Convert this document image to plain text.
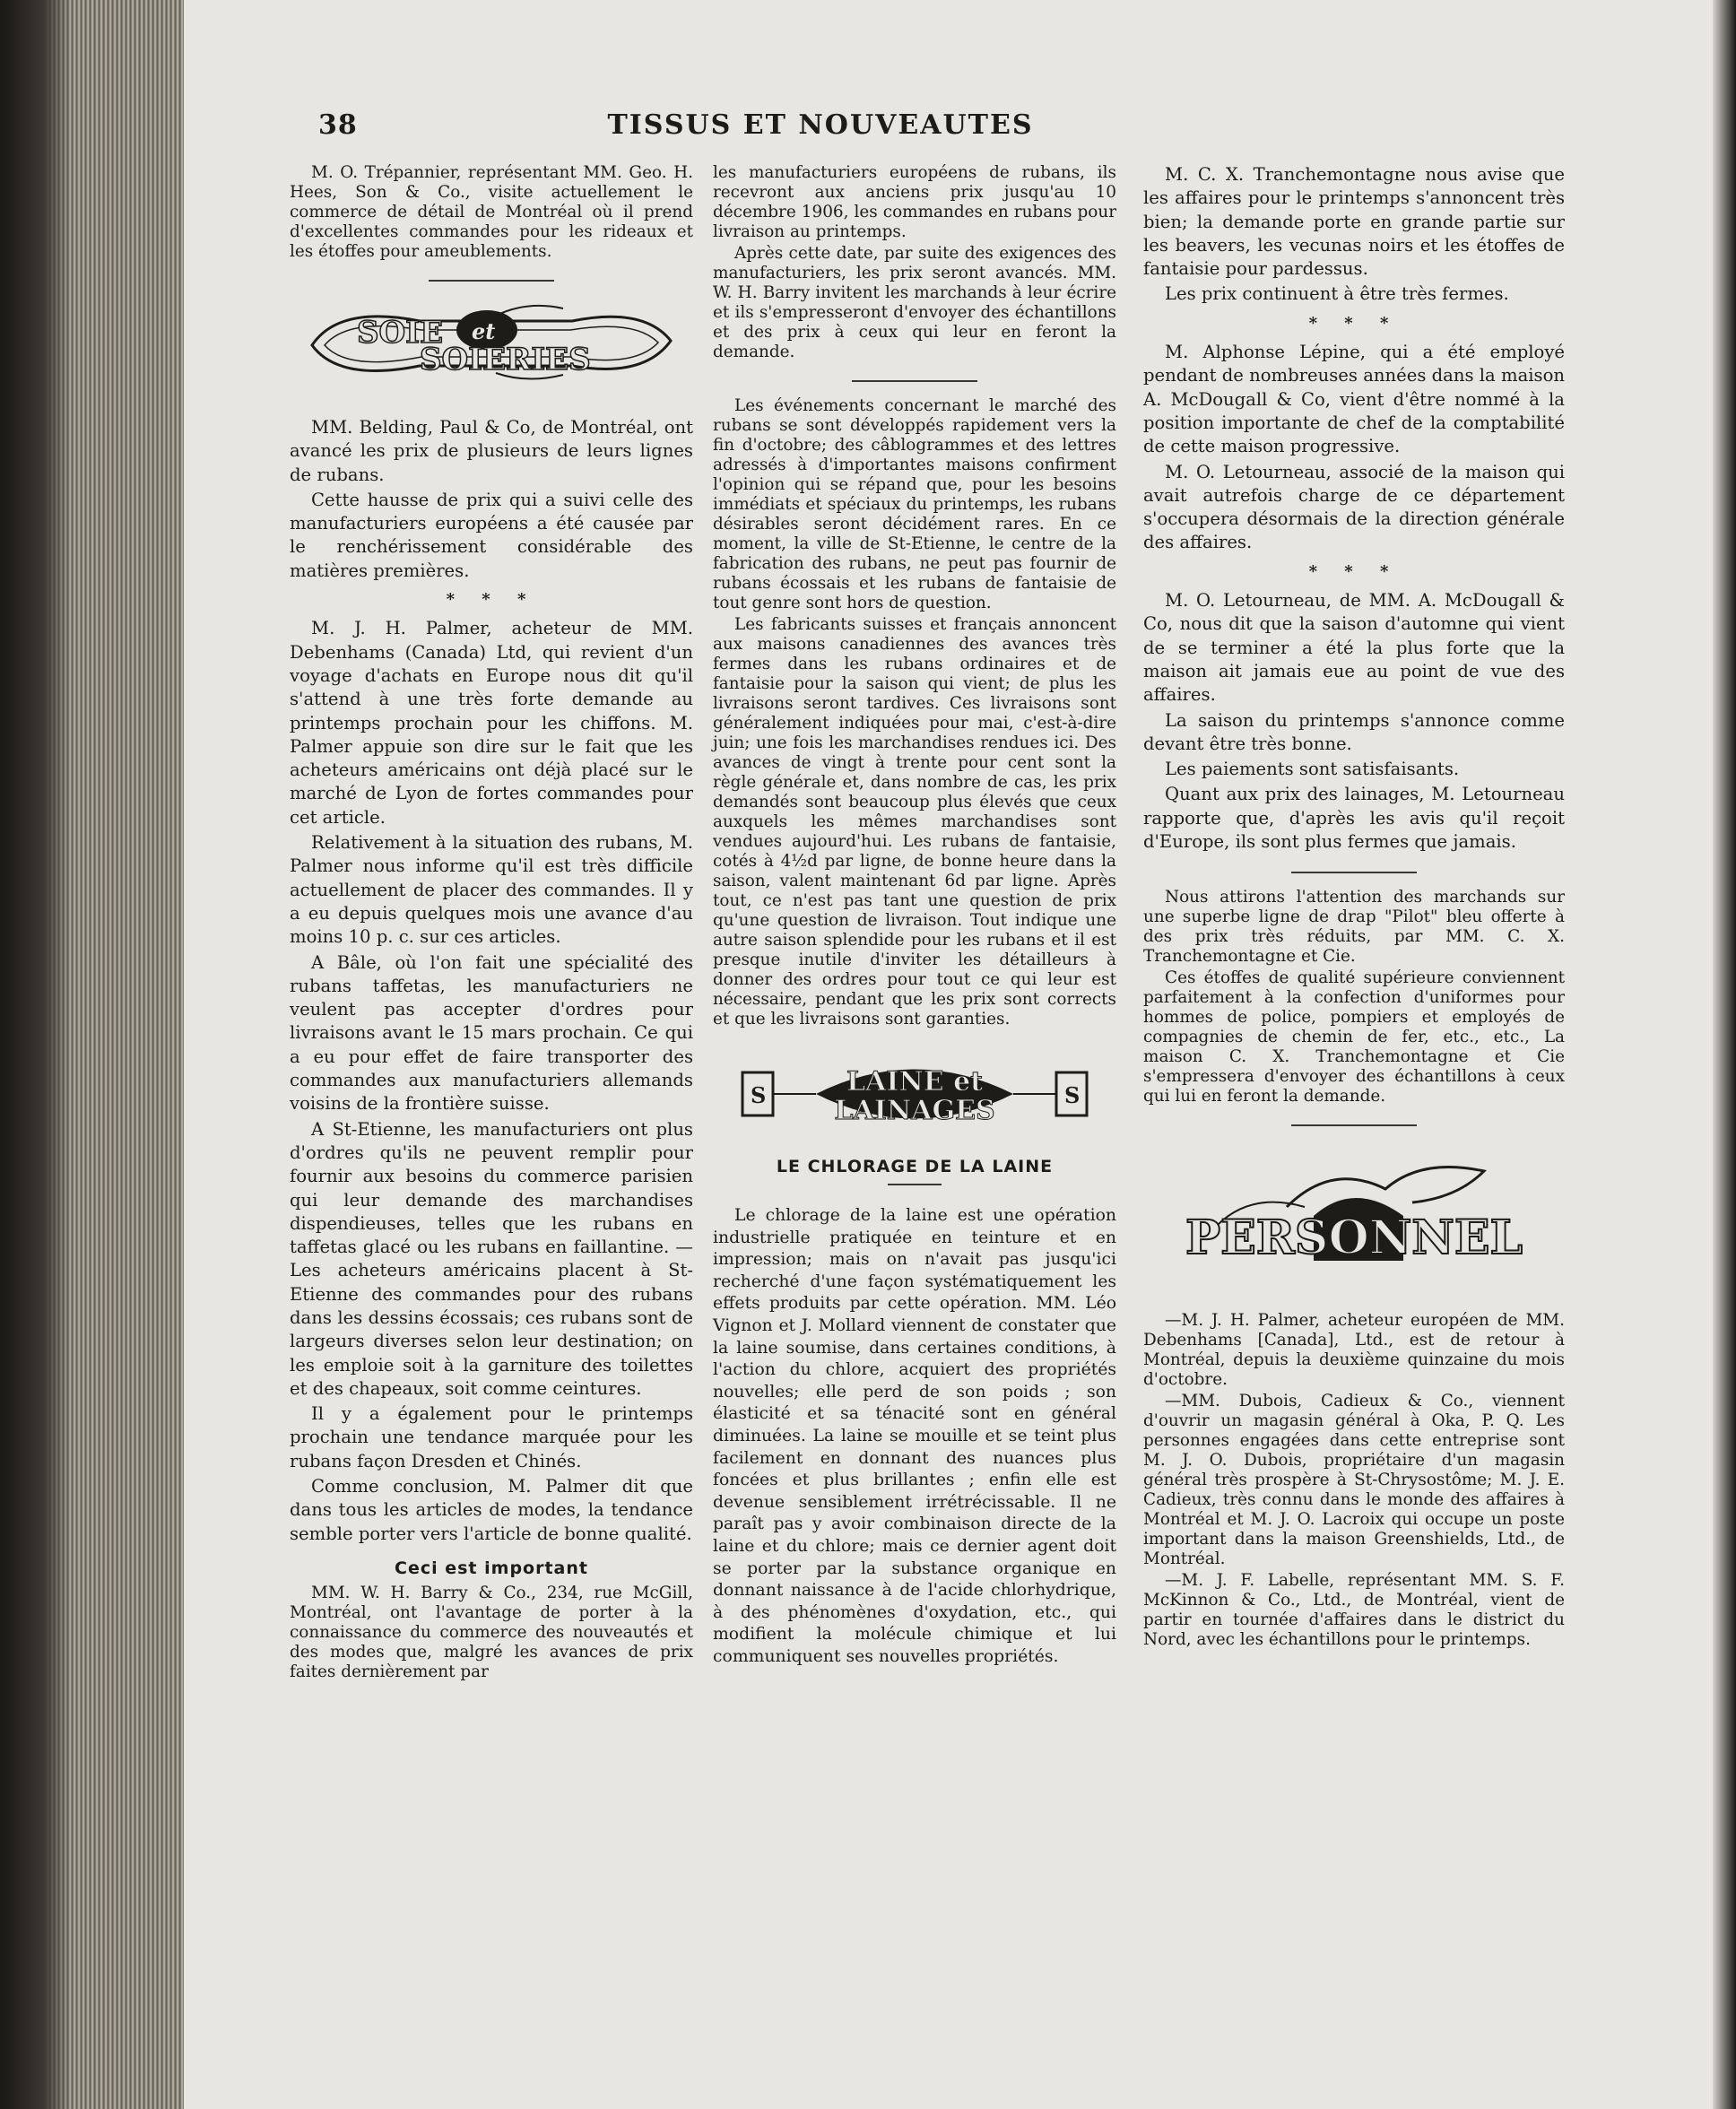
38	TISSUS ET NOUVEAUTES

M. O. Trépannier, représentant MM. Geo. H. Hees, Son & Co., visite actuellement le commerce de détail de Montréal où il prend d'excellentes commandes pour les rideaux et les étoffes pour ameublements.

SOIE et
SOIERIES

MM. Belding, Paul & Co, de Montréal, ont avancé les prix de plusieurs de leurs lignes de rubans.

Cette hausse de prix qui a suivi celle des manufacturiers européens a été causée par le renchérissement considérable des matières premières.

* * *

M. J. H. Palmer, acheteur de MM. Debenhams (Canada) Ltd, qui revient d'un voyage d'achats en Europe nous dit qu'il s'attend à une très forte demande au printemps prochain pour les chiffons. M. Palmer appuie son dire sur le fait que les acheteurs américains ont déjà placé sur le marché de Lyon de fortes commandes pour cet article.

Relativement à la situation des rubans, M. Palmer nous informe qu'il est très difficile actuellement de placer des commandes. Il y a eu depuis quelques mois une avance d'au moins 10 p. c. sur ces articles.

A Bâle, où l'on fait une spécialité des rubans taffetas, les manufacturiers ne veulent pas accepter d'ordres pour livraisons avant le 15 mars prochain. Ce qui a eu pour effet de faire transporter des commandes aux manufacturiers allemands voisins de la frontière suisse.

A St-Etienne, les manufacturiers ont plus d'ordres qu'ils ne peuvent remplir pour fournir aux besoins du commerce parisien qui leur demande des marchandises dispendieuses, telles que les rubans en taffetas glacé ou les rubans en faillantine. — Les acheteurs américains placent à St-Etienne des commandes pour des rubans dans les dessins écossais; ces rubans sont de largeurs diverses selon leur destination; on les emploie soit à la garniture des toilettes et des chapeaux, soit comme ceintures.

Il y a également pour le printemps prochain une tendance marquée pour les rubans façon Dresden et Chinés.

Comme conclusion, M. Palmer dit que dans tous les articles de modes, la tendance semble porter vers l'article de bonne qualité.

Ceci est important

MM. W. H. Barry & Co., 234, rue McGill, Montréal, ont l'avantage de porter à la connaissance du commerce des nouveautés et des modes que, malgré les avances de prix faites dernièrement par

les manufacturiers européens de rubans, ils recevront aux anciens prix jusqu'au 10 décembre 1906, les commandes en rubans pour livraison au printemps.

Après cette date, par suite des exigences des manufacturiers, les prix seront avancés. MM. W. H. Barry invitent les marchands à leur écrire et ils s'empresseront d'envoyer des échantillons et des prix à ceux qui leur en feront la demande.

Les événements concernant le marché des rubans se sont développés rapidement vers la fin d'octobre; des câblogrammes et des lettres adressés à d'importantes maisons confirment l'opinion qui se répand que, pour les besoins immédiats et spéciaux du printemps, les rubans désirables seront décidément rares. En ce moment, la ville de St-Etienne, le centre de la fabrication des rubans, ne peut pas fournir de rubans écossais et les rubans de fantaisie de tout genre sont hors de question.

Les fabricants suisses et français annoncent aux maisons canadiennes des avances très fermes dans les rubans ordinaires et de fantaisie pour la saison qui vient; de plus les livraisons seront tardives. Ces livraisons sont généralement indiquées pour mai, c'est-à-dire juin; une fois les marchandises rendues ici. Des avances de vingt à trente pour cent sont la règle générale et, dans nombre de cas, les prix demandés sont beaucoup plus élevés que ceux auxquels les mêmes marchandises sont vendues aujourd'hui. Les rubans de fantaisie, cotés à 4½d par ligne, de bonne heure dans la saison, valent maintenant 6d par ligne. Après tout, ce n'est pas tant une question de prix qu'une question de livraison. Tout indique une autre saison splendide pour les rubans et il est presque inutile d'inviter les détailleurs à donner des ordres pour tout ce qui leur est nécessaire, pendant que les prix sont corrects et que les livraisons sont garanties.

S	S
LAINE et
LAINAGES
LE CHLORAGE DE LA LAINE

Le chlorage de la laine est une opération industrielle pratiquée en teinture et en impression; mais on n'avait pas jusqu'ici recherché d'une façon systématiquement les effets produits par cette opération. MM. Léo Vignon et J. Mollard viennent de constater que la laine soumise, dans certaines conditions, à l'action du chlore, acquiert des propriétés nouvelles; elle perd de son poids ; son élasticité et sa ténacité sont en général diminuées. La laine se mouille et se teint plus facilement en donnant des nuances plus foncées et plus brillantes ; enfin elle est devenue sensiblement irrétrécissable. Il ne paraît pas y avoir combinaison directe de la laine et du chlore; mais ce dernier agent doit se porter par la substance organique en donnant naissance à de l'acide chlorhydrique, à des phénomènes d'oxydation, etc., qui modifient la molécule chimique et lui communiquent ses nouvelles propriétés.

M. C. X. Tranchemontagne nous avise que les affaires pour le printemps s'annoncent très bien; la demande porte en grande partie sur les beavers, les vecunas noirs et les étoffes de fantaisie pour pardessus.

Les prix continuent à être très fermes.

* * *

M. Alphonse Lépine, qui a été employé pendant de nombreuses années dans la maison A. McDougall & Co, vient d'être nommé à la position importante de chef de la comptabilité de cette maison progressive.

M. O. Letourneau, associé de la maison qui avait autrefois charge de ce département s'occupera désormais de la direction générale des affaires.

* * *

M. O. Letourneau, de MM. A. McDougall & Co, nous dit que la saison d'automne qui vient de se terminer a été la plus forte que la maison ait jamais eue au point de vue des affaires.

La saison du printemps s'annonce comme devant être très bonne.

Les paiements sont satisfaisants.

Quant aux prix des lainages, M. Letourneau rapporte que, d'après les avis qu'il reçoit d'Europe, ils sont plus fermes que jamais.

Nous attirons l'attention des marchands sur une superbe ligne de drap "Pilot" bleu offerte à des prix très réduits, par MM. C. X. Tranchemontagne et Cie.

Ces étoffes de qualité supérieure conviennent parfaitement à la confection d'uniformes pour hommes de police, pompiers et employés de compagnies de chemin de fer, etc., etc., La maison C. X. Tranchemontagne et Cie s'empressera d'envoyer des échantillons à ceux qui lui en feront la demande.

PERSONNEL

—M. J. H. Palmer, acheteur européen de MM. Debenhams [Canada], Ltd., est de retour à Montréal, depuis la deuxième quinzaine du mois d'octobre.

—MM. Dubois, Cadieux & Co., viennent d'ouvrir un magasin général à Oka, P. Q. Les personnes engagées dans cette entreprise sont M. J. O. Dubois, propriétaire d'un magasin général très prospère à St-Chrysostôme; M. J. E. Cadieux, très connu dans le monde des affaires à Montréal et M. J. O. Lacroix qui occupe un poste important dans la maison Greenshields, Ltd., de Montréal.

—M. J. F. Labelle, représentant MM. S. F. McKinnon & Co., Ltd., de Montréal, vient de partir en tournée d'affaires dans le district du Nord, avec les échantillons pour le printemps.
